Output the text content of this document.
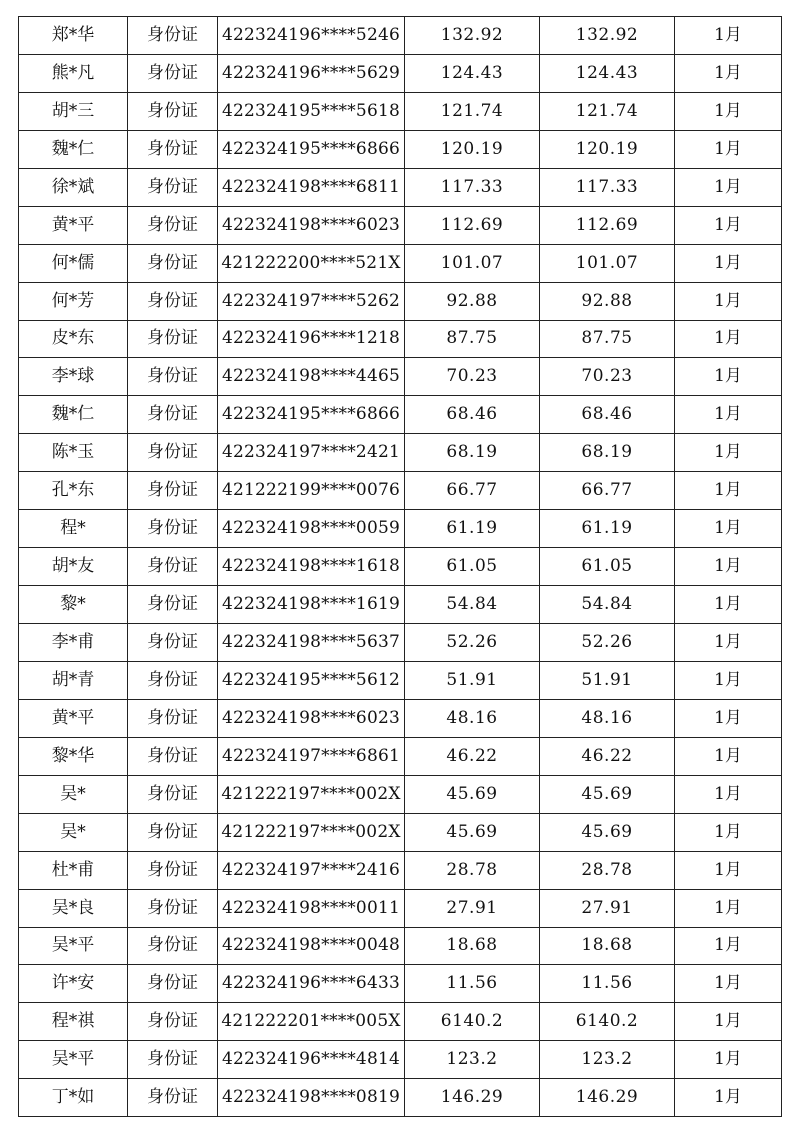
郑*华	身份证	422324196****5246	132.92	132.92	1月
熊*凡	身份证	422324196****5629	124.43	124.43	1月
胡*三	身份证	422324195****5618	121.74	121.74	1月
魏*仁	身份证	422324195****6866	120.19	120.19	1月
徐*斌	身份证	422324198****6811	117.33	117.33	1月
黄*平	身份证	422324198****6023	112.69	112.69	1月
何*儒	身份证	421222200****521X	101.07	101.07	1月
何*芳	身份证	422324197****5262	92.88	92.88	1月
皮*东	身份证	422324196****1218	87.75	87.75	1月
李*球	身份证	422324198****4465	70.23	70.23	1月
魏*仁	身份证	422324195****6866	68.46	68.46	1月
陈*玉	身份证	422324197****2421	68.19	68.19	1月
孔*东	身份证	421222199****0076	66.77	66.77	1月
程*	身份证	422324198****0059	61.19	61.19	1月
胡*友	身份证	422324198****1618	61.05	61.05	1月
黎*	身份证	422324198****1619	54.84	54.84	1月
李*甫	身份证	422324198****5637	52.26	52.26	1月
胡*青	身份证	422324195****5612	51.91	51.91	1月
黄*平	身份证	422324198****6023	48.16	48.16	1月
黎*华	身份证	422324197****6861	46.22	46.22	1月
吴*	身份证	421222197****002X	45.69	45.69	1月
吴*	身份证	421222197****002X	45.69	45.69	1月
杜*甫	身份证	422324197****2416	28.78	28.78	1月
吴*良	身份证	422324198****0011	27.91	27.91	1月
吴*平	身份证	422324198****0048	18.68	18.68	1月
许*安	身份证	422324196****6433	11.56	11.56	1月
程*祺	身份证	421222201****005X	6140.2	6140.2	1月
吴*平	身份证	422324196****4814	123.2	123.2	1月
丁*如	身份证	422324198****0819	146.29	146.29	1月
